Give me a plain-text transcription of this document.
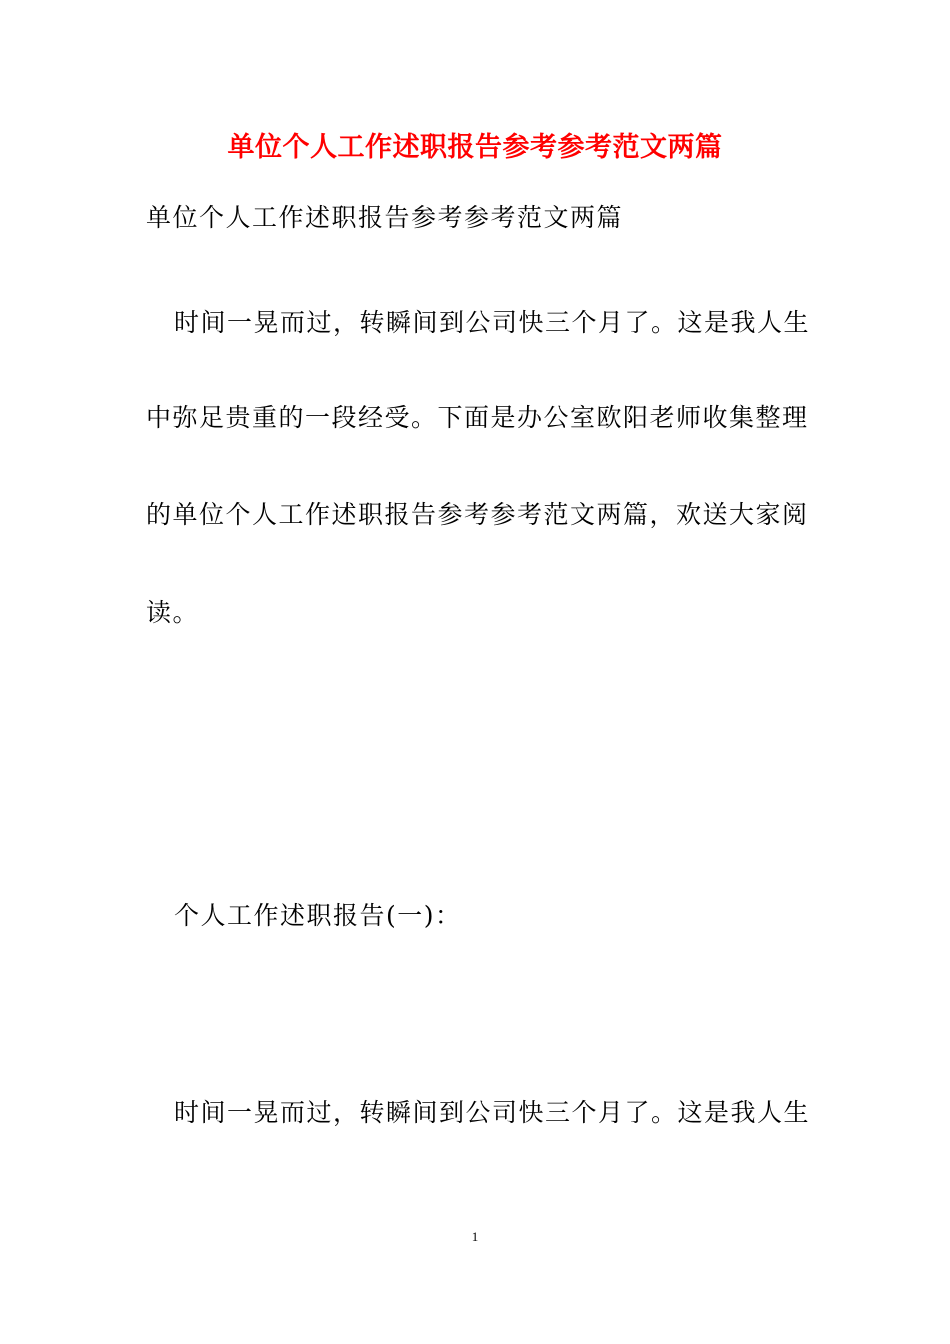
单位个人工作述职报告参考参考范文两篇
单位个人工作述职报告参考参考范文两篇
时间一晃而过，转瞬间到公司快三个月了。这是我人生
中弥足贵重的一段经受。下面是办公室欧阳老师收集整理
的单位个人工作述职报告参考参考范文两篇，欢送大家阅
读。
个人工作述职报告(一)：
时间一晃而过，转瞬间到公司快三个月了。这是我人生
1
